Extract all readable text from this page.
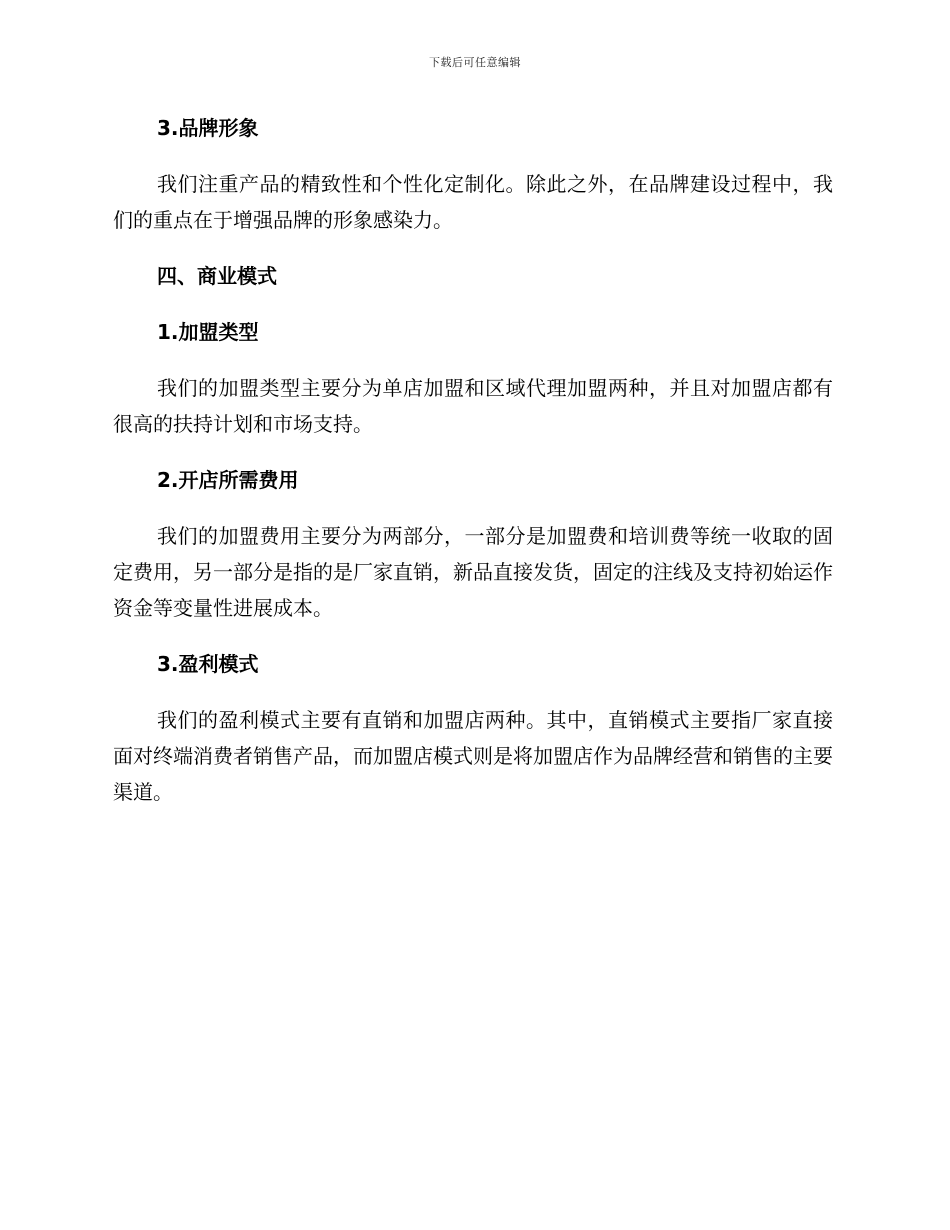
下载后可任意编辑

3.品牌形象

我们注重产品的精致性和个性化定制化。除此之外，在品牌建设过程中，我们的重点在于增强品牌的形象感染力。

四、商业模式

1.加盟类型

我们的加盟类型主要分为单店加盟和区域代理加盟两种，并且对加盟店都有很高的扶持计划和市场支持。

2.开店所需费用

我们的加盟费用主要分为两部分，一部分是加盟费和培训费等统一收取的固定费用，另一部分是指的是厂家直销，新品直接发货，固定的注线及支持初始运作资金等变量性进展成本。

3.盈利模式

我们的盈利模式主要有直销和加盟店两种。其中，直销模式主要指厂家直接面对终端消费者销售产品，而加盟店模式则是将加盟店作为品牌经营和销售的主要渠道。
